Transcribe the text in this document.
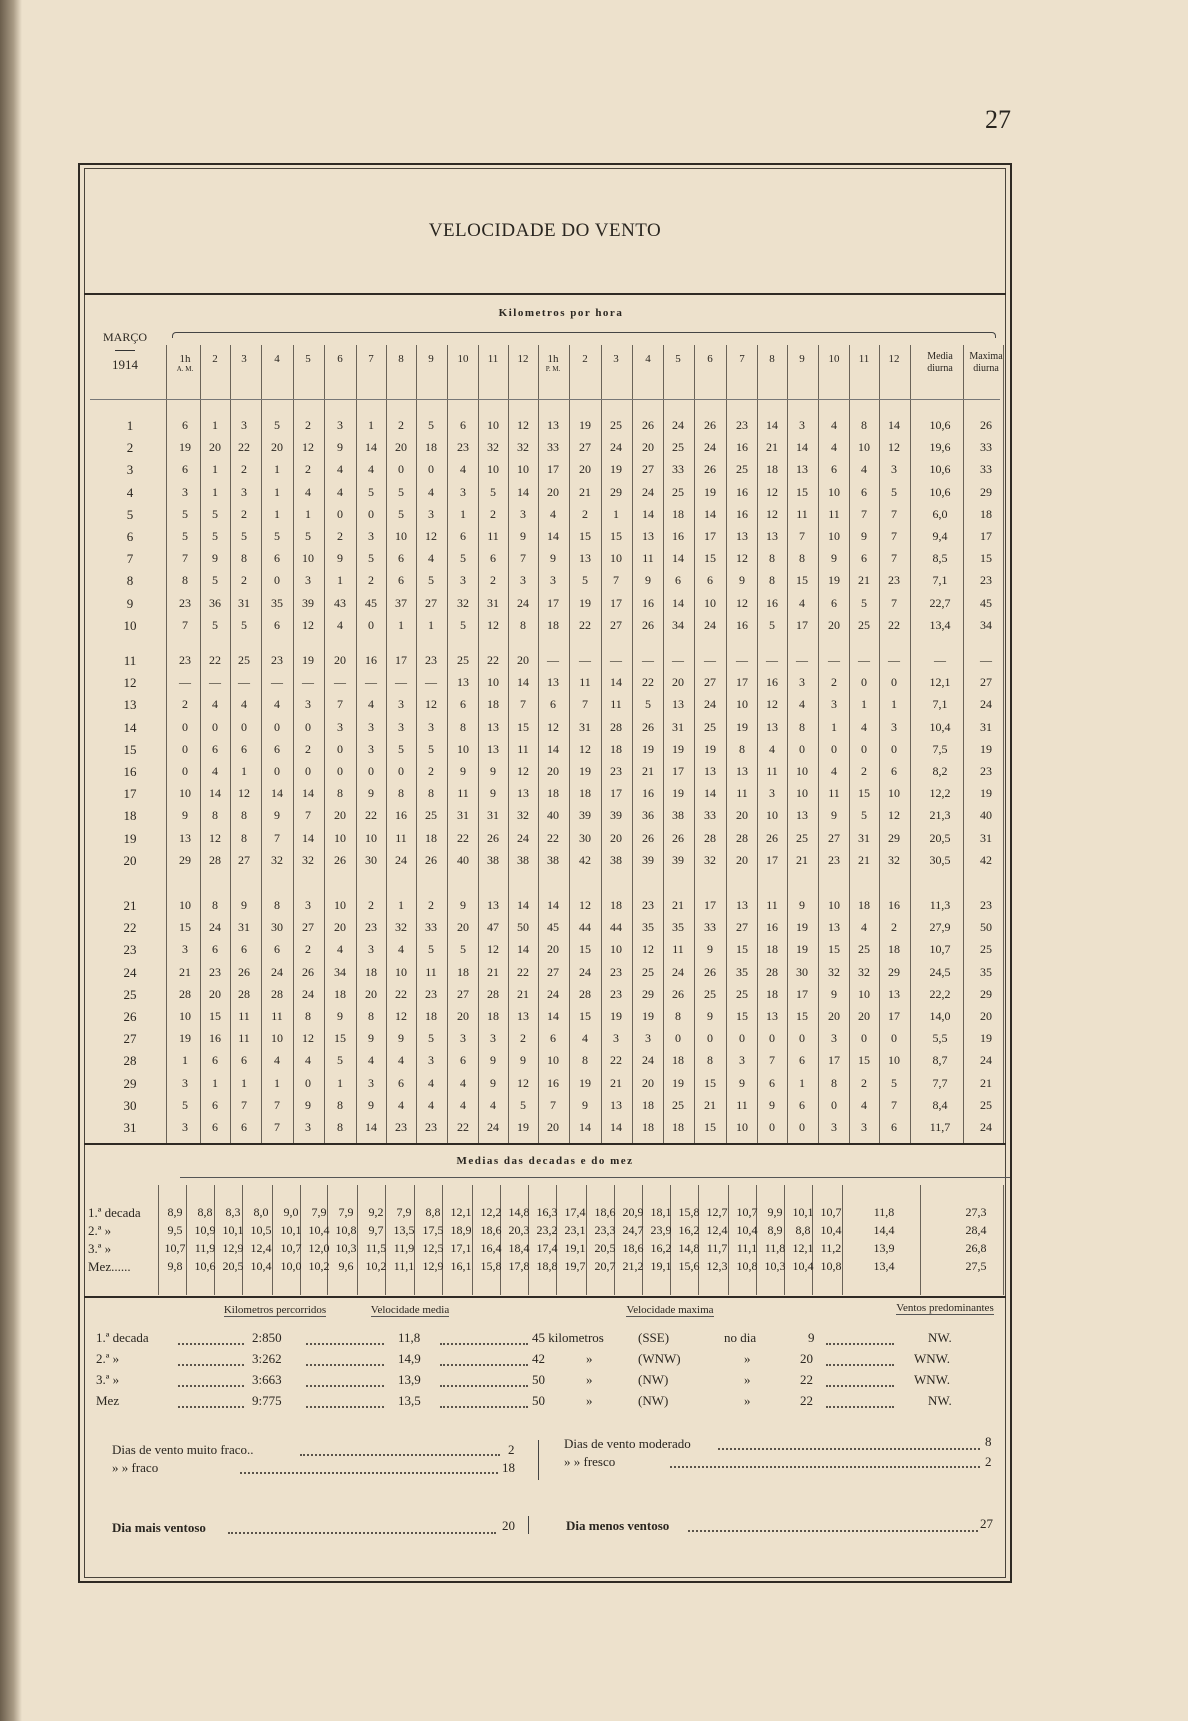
27
VELOCIDADE DO VENTO
Kilometros por hora
MARÇO
1914	1h
A. M.
2	3	4	5	6	7	8	9	10	11	12	1h
P. M.
2	3	4	5	6	7	8	9	10	11	12	Media diurna
Maxima diurna
1	6	1	3	5	2	3	1	2	5	6	10	12	13	19	25	26	24	26	23	14	3	4	8	14	10,6	26
2	19	20	22	20	12	9	14	20	18	23	32	32	33	27	24	20	25	24	16	21	14	4	10	12	19,6	33
3	6	1	2	1	2	4	4	0	0	4	10	10	17	20	19	27	33	26	25	18	13	6	4	3	10,6	33
4	3	1	3	1	4	4	5	5	4	3	5	14	20	21	29	24	25	19	16	12	15	10	6	5	10,6	29
5	5	5	2	1	1	0	0	5	3	1	2	3	4	2	1	14	18	14	16	12	11	11	7	7	6,0	18
6	5	5	5	5	5	2	3	10	12	6	11	9	14	15	15	13	16	17	13	13	7	10	9	7	9,4	17
7	7	9	8	6	10	9	5	6	4	5	6	7	9	13	10	11	14	15	12	8	8	9	6	7	8,5	15
8	8	5	2	0	3	1	2	6	5	3	2	3	3	5	7	9	6	6	9	8	15	19	21	23	7,1	23
9	23	36	31	35	39	43	45	37	27	32	31	24	17	19	17	16	14	10	12	16	4	6	5	7	22,7	45
10	7	5	5	6	12	4	0	1	1	5	12	8	18	22	27	26	34	24	16	5	17	20	25	22	13,4	34
11	23	22	25	23	19	20	16	17	23	25	22	20	—	—	—	—	—	—	—	—	—	—	—	—	—	—
12	—	—	—	—	—	—	—	—	—	13	10	14	13	11	14	22	20	27	17	16	3	2	0	0	12,1	27
13	2	4	4	4	3	7	4	3	12	6	18	7	6	7	11	5	13	24	10	12	4	3	1	1	7,1	24
14	0	0	0	0	0	3	3	3	3	8	13	15	12	31	28	26	31	25	19	13	8	1	4	3	10,4	31
15	0	6	6	6	2	0	3	5	5	10	13	11	14	12	18	19	19	19	8	4	0	0	0	0	7,5	19
16	0	4	1	0	0	0	0	0	2	9	9	12	20	19	23	21	17	13	13	11	10	4	2	6	8,2	23
17	10	14	12	14	14	8	9	8	8	11	9	13	18	18	17	16	19	14	11	3	10	11	15	10	12,2	19
18	9	8	8	9	7	20	22	16	25	31	31	32	40	39	39	36	38	33	20	10	13	9	5	12	21,3	40
19	13	12	8	7	14	10	10	11	18	22	26	24	22	30	20	26	26	28	28	26	25	27	31	29	20,5	31
20	29	28	27	32	32	26	30	24	26	40	38	38	38	42	38	39	39	32	20	17	21	23	21	32	30,5	42
21	10	8	9	8	3	10	2	1	2	9	13	14	14	12	18	23	21	17	13	11	9	10	18	16	11,3	23
22	15	24	31	30	27	20	23	32	33	20	47	50	45	44	44	35	35	33	27	16	19	13	4	2	27,9	50
23	3	6	6	6	2	4	3	4	5	5	12	14	20	15	10	12	11	9	15	18	19	15	25	18	10,7	25
24	21	23	26	24	26	34	18	10	11	18	21	22	27	24	23	25	24	26	35	28	30	32	32	29	24,5	35
25	28	20	28	28	24	18	20	22	23	27	28	21	24	28	23	29	26	25	25	18	17	9	10	13	22,2	29
26	10	15	11	11	8	9	8	12	18	20	18	13	14	15	19	19	8	9	15	13	15	20	20	17	14,0	20
27	19	16	11	10	12	15	9	9	5	3	3	2	6	4	3	3	0	0	0	0	0	3	0	0	5,5	19
28	1	6	6	4	4	5	4	4	3	6	9	9	10	8	22	24	18	8	3	7	6	17	15	10	8,7	24
29	3	1	1	1	0	1	3	6	4	4	9	12	16	19	21	20	19	15	9	6	1	8	2	5	7,7	21
30	5	6	7	7	9	8	9	4	4	4	4	5	7	9	13	18	25	21	11	9	6	0	4	7	8,4	25
31	3	6	6	7	3	8	14	23	23	22	24	19	20	14	14	18	18	15	10	0	0	3	3	6	11,7	24
Medias das decadas e do mez
1.ª decada	8,9	8,8	8,3	8,0	9,0	7,9	7,9	9,2	7,9	8,8 12,1 12,2 14,8 16,3 17,4 18,6 20,9 18,1 15,8 12,7 10,7 9,9 10,1 10,7	11,8	27,3
2.ª »	9,5	10,9 10,1 10,5 10,1 10,4 10,8	9,7 13,5 17,5 18,9 18,6 20,3 23,2 23,1 23,3 24,7 23,9 16,2 12,4 10,4 8,9	8,8 10,4	14,4	28,4
3.ª »	10,7 11,9 12,9 12,4 10,7 12,0 10,3 11,5 11,9 12,5 17,1 16,4 18,4 17,4 19,1 20,5 18,6 16,2 14,8 11,7 11,1 11,8 12,1 11,2	13,9	26,8
Mez......	9,8	10,6 20,5 10,4 10,0 10,2 9,6	10,2 11,1 12,9 16,1 15,8 17,8 18,8 19,7 20,7 21,2 19,1 15,6 12,3 10,8 10,3 10,4 10,8	13,4	27,5
Kilometros percorridos	Velocidade media	Velocidade maxima	Ventos predominantes
1.ª decada	2:850	11,8	45 kilometros	(SSE)	no dia	9	NW.
2.ª »	3:262	14,9	42	»	(WNW)	»	20	WNW.
3.ª »	3:663	13,9	50	»	(NW)	»	22	WNW.
Mez	9:775	13,5	50	»	(NW)	»	22	NW.
Dias de vento muito fraco..	2
» » fraco	18
Dias de vento moderado	8
» » fresco	2
Dia mais ventoso	20	Dia menos ventoso	27
